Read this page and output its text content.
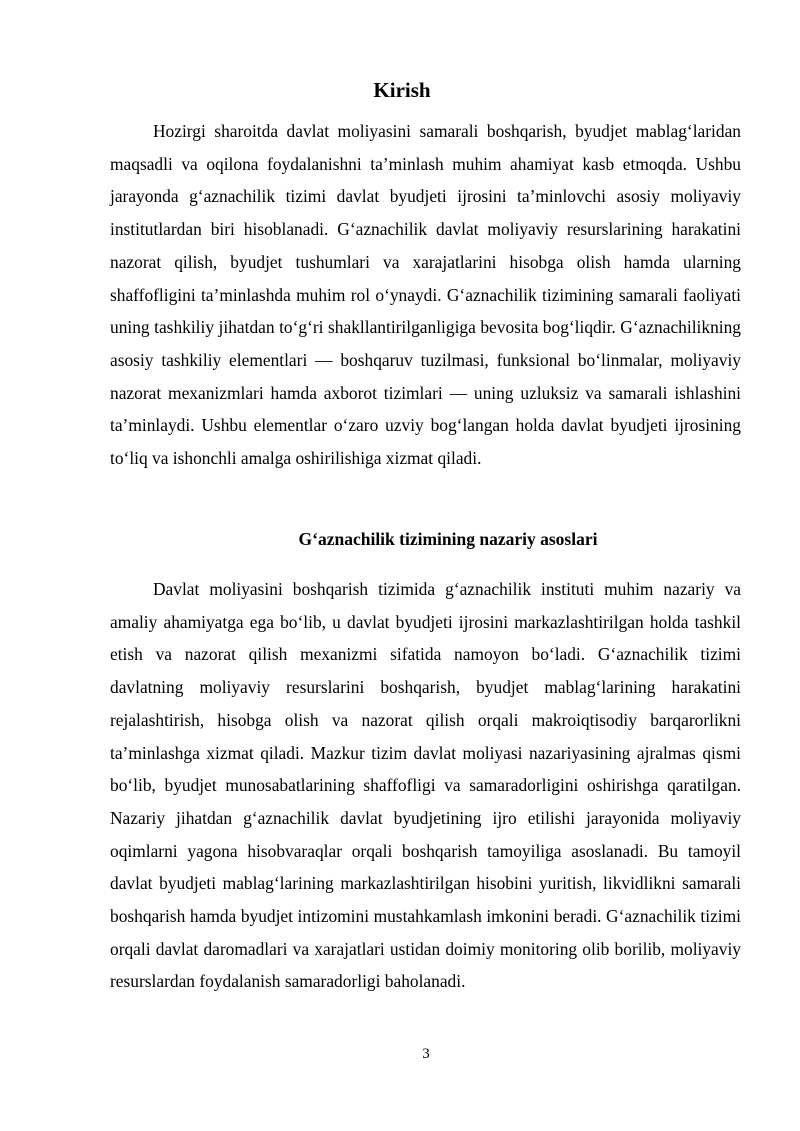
Kirish

Hozirgi sharoitda davlat moliyasini samarali boshqarish, byudjet mablag‘laridan maqsadli va oqilona foydalanishni ta’minlash muhim ahamiyat kasb etmoqda. Ushbu jarayonda g‘aznachilik tizimi davlat byudjeti ijrosini ta’minlovchi asosiy moliyaviy institutlardan biri hisoblanadi. G‘aznachilik davlat moliyaviy resurslarining harakatini nazorat qilish, byudjet tushumlari va xarajatlarini hisobga olish hamda ularning shaffofligini ta’minlashda muhim rol o‘ynaydi. G‘aznachilik tizimining samarali faoliyati uning tashkiliy jihatdan to‘g‘ri shakllantirilganligiga bevosita bog‘liqdir. G‘aznachilikning asosiy tashkiliy elementlari — boshqaruv tuzilmasi, funksional bo‘linmalar, moliyaviy nazorat mexanizmlari hamda axborot tizimlari — uning uzluksiz va samarali ishlashini ta’minlaydi. Ushbu elementlar o‘zaro uzviy bog‘langan holda davlat byudjeti ijrosining to‘liq va ishonchli amalga oshirilishiga xizmat qiladi.

G‘aznachilik tizimining nazariy asoslari

Davlat moliyasini boshqarish tizimida g‘aznachilik instituti muhim nazariy va amaliy ahamiyatga ega bo‘lib, u davlat byudjeti ijrosini markazlashtirilgan holda tashkil etish va nazorat qilish mexanizmi sifatida namoyon bo‘ladi. G‘aznachilik tizimi davlatning moliyaviy resurslarini boshqarish, byudjet mablag‘larining harakatini rejalashtirish, hisobga olish va nazorat qilish orqali makroiqtisodiy barqarorlikni ta’minlashga xizmat qiladi. Mazkur tizim davlat moliyasi nazariyasining ajralmas qismi bo‘lib, byudjet munosabatlarining shaffofligi va samaradorligini oshirishga qaratilgan. Nazariy jihatdan g‘aznachilik davlat byudjetining ijro etilishi jarayonida moliyaviy oqimlarni yagona hisobvaraqlar orqali boshqarish tamoyiliga asoslanadi. Bu tamoyil davlat byudjeti mablag‘larining markazlashtirilgan hisobini yuritish, likvidlikni samarali boshqarish hamda byudjet intizomini mustahkamlash imkonini beradi. G‘aznachilik tizimi orqali davlat daromadlari va xarajatlari ustidan doimiy monitoring olib borilib, moliyaviy resurslardan foydalanish samaradorligi baholanadi.

3
